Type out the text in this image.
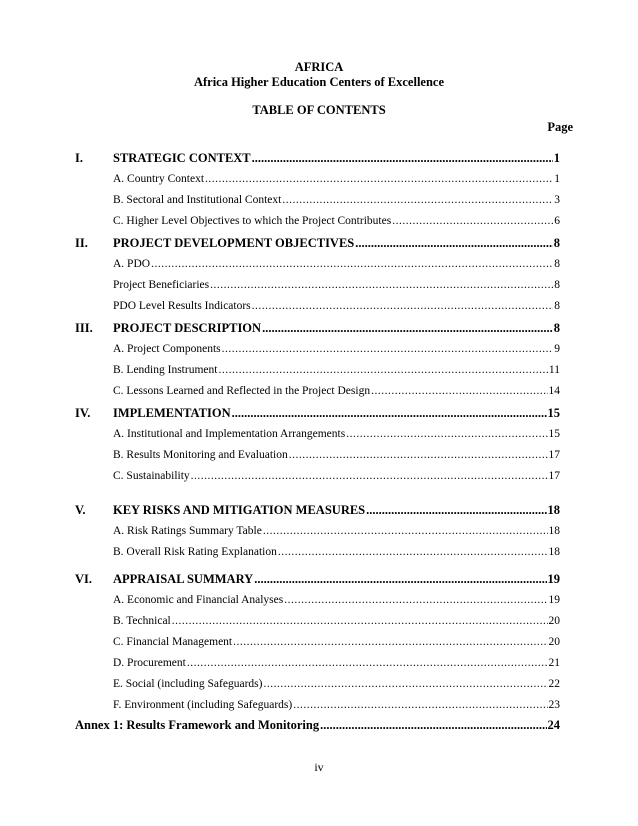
AFRICA
Africa Higher Education Centers of Excellence
TABLE OF CONTENTS
Page
I.	STRATEGIC CONTEXT .....	1
A. Country Context .....	1
B. Sectoral and Institutional Context .....	3
C. Higher Level Objectives to which the Project Contributes .....	6
II.	PROJECT DEVELOPMENT OBJECTIVES .....	8
A. PDO .....	8
Project Beneficiaries .....	8
PDO Level Results Indicators .....	8
III.	PROJECT DESCRIPTION .....	8
A. Project Components .....	9
B. Lending Instrument .....	11
C. Lessons Learned and Reflected in the Project Design .....	14
IV.	IMPLEMENTATION .....	15
A. Institutional and Implementation Arrangements .....	15
B. Results Monitoring and Evaluation .....	17
C. Sustainability .....	17
V.	KEY RISKS AND MITIGATION MEASURES .....	18
A. Risk Ratings Summary Table .....	18
B. Overall Risk Rating Explanation .....	18
VI.	APPRAISAL SUMMARY .....	19
A. Economic and Financial Analyses .....	19
B. Technical .....	20
C. Financial Management .....	20
D. Procurement .....	21
E. Social (including Safeguards) .....	22
F. Environment (including Safeguards) .....	23
Annex 1: Results Framework and Monitoring .....	24
iv
